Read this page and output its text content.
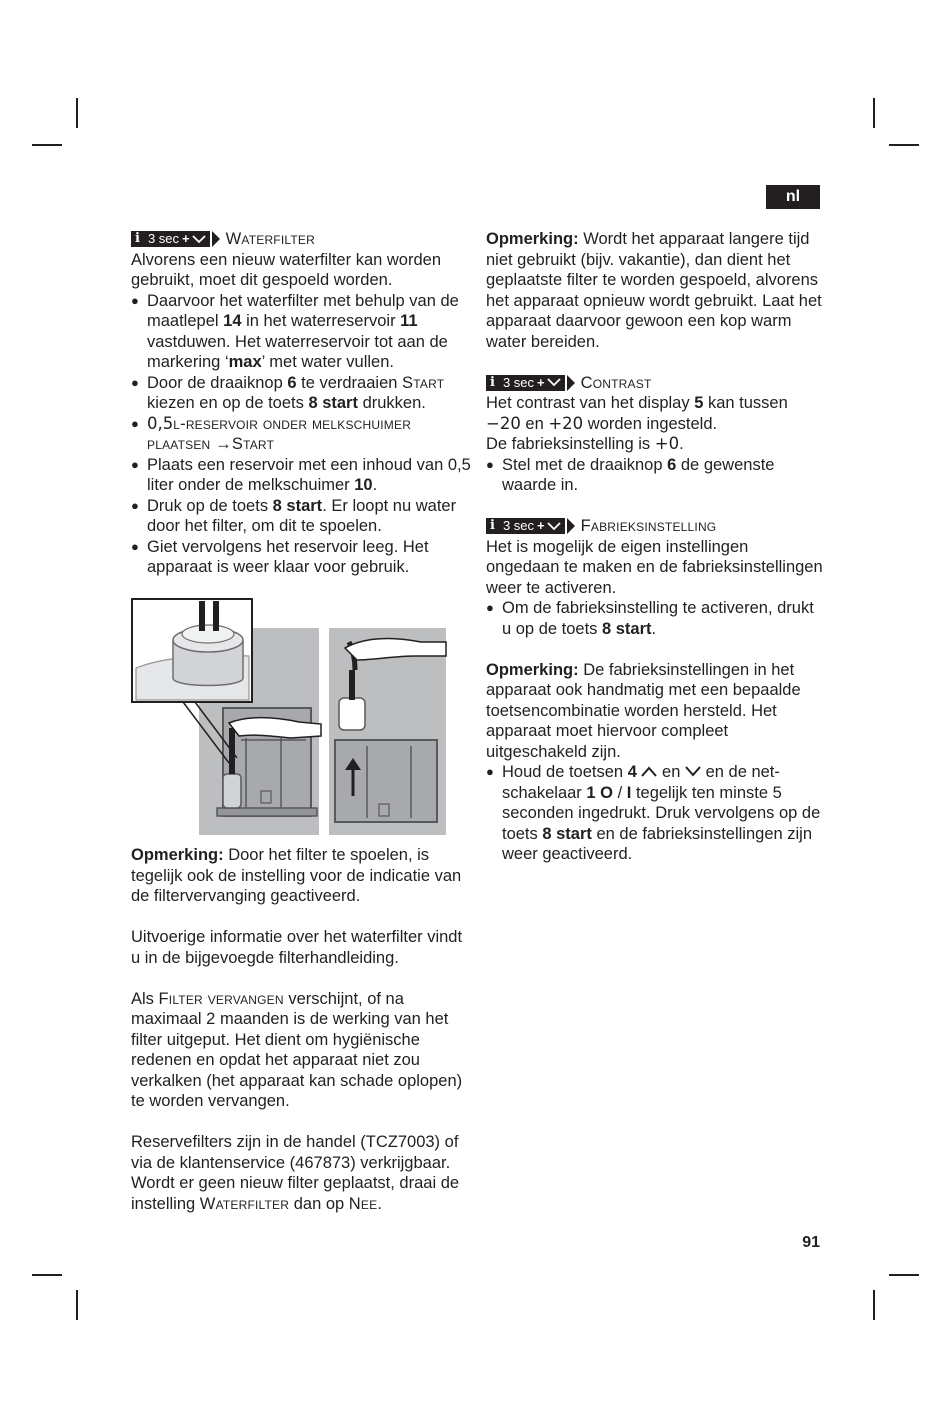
nl
i 3 sec + Waterfilter

Alvorens een nieuw waterfilter kan worden gebruikt, moet dit gespoeld worden.

● Daarvoor het waterfilter met behulp van de maatlepel 14 in het waterreservoir 11 vastduwen. Het waterreservoir tot aan de markering ‘max’ met water vullen.
● Door de draaiknop 6 te verdraaien Start kiezen en op de toets 8 start drukken.
● 0,5l-reservoir onder melkschuimer plaatsen →Start
● Plaats een reservoir met een inhoud van 0,5 liter onder de melkschuimer 10.
● Druk op de toets 8 start. Er loopt nu water door het filter, om dit te spoelen.
● Giet vervolgens het reservoir leeg. Het apparaat is weer klaar voor gebruik.

Opmerking: Door het filter te spoelen, is tegelijk ook de instelling voor de indicatie van de filtervervanging geactiveerd.

Uitvoerige informatie over het waterfilter vindt u in de bijgevoegde filterhandleiding.

Als Filter vervangen verschijnt, of na maximaal 2 maanden is de werking van het filter uitgeput. Het dient om hygiënische redenen en opdat het apparaat niet zou verkalken (het apparaat kan schade oplopen) te worden vervangen.

Reservefilters zijn in de handel (TCZ7003) of via de klantenservice (467873) verkrijgbaar. Wordt er geen nieuw filter geplaatst, draai de instelling Waterfilter dan op Nee.

Opmerking: Wordt het apparaat langere tijd niet gebruikt (bijv. vakantie), dan dient het geplaatste filter te worden gespoeld, alvorens het apparaat opnieuw wordt gebruikt. Laat het apparaat daarvoor gewoon een kop warm water bereiden.

i 3 sec + Contrast

Het contrast van het display 5 kan tussen

−20 en +20 worden ingesteld.

De fabrieksinstelling is +0.

● Stel met de draaiknop 6 de gewenste waarde in.
i 3 sec + Fabrieksinstelling

Het is mogelijk de eigen instellingen ongedaan te maken en de fabrieksinstellingen weer te activeren.

● Om de fabrieksinstelling te activeren, drukt u op de toets 8 start.

Opmerking: De fabrieksinstellingen in het apparaat ook handmatig met een bepaalde toetsencombinatie worden hersteld. Het apparaat moet hiervoor compleet uitgeschakeld zijn.

● Houd de toetsen 4  en  en de netschakelaar 1 O / I tegelijk ten minste 5 seconden ingedrukt. Druk vervolgens op de toets 8 start en de fabrieksinstellingen zijn weer geactiveerd.
91
